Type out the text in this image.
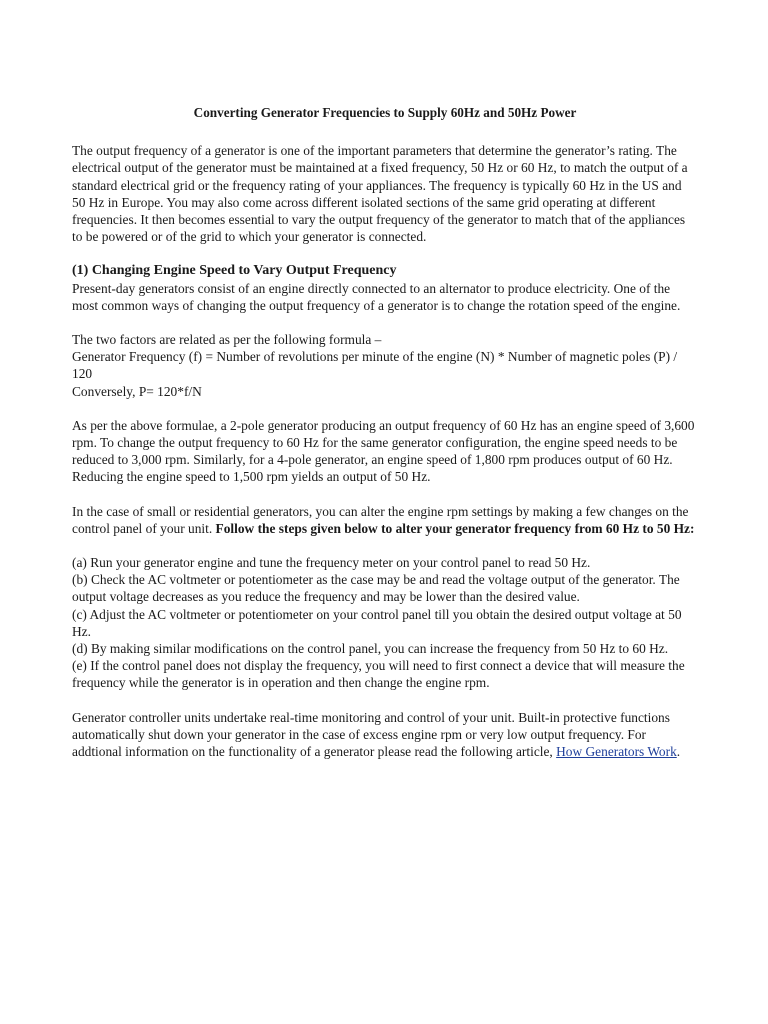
Converting Generator Frequencies to Supply 60Hz and 50Hz Power

The output frequency of a generator is one of the important parameters that determine the generator’s rating. The electrical output of the generator must be maintained at a fixed frequency, 50 Hz or 60 Hz, to match the output of a standard electrical grid or the frequency rating of your appliances. The frequency is typically 60 Hz in the US and 50 Hz in Europe. You may also come across different isolated sections of the same grid operating at different frequencies. It then becomes essential to vary the output frequency of the generator to match that of the appliances to be powered or of the grid to which your generator is connected.

(1) Changing Engine Speed to Vary Output Frequency

Present-day generators consist of an engine directly connected to an alternator to produce electricity. One of the most common ways of changing the output frequency of a generator is to change the rotation speed of the engine.

The two factors are related as per the following formula –

Generator Frequency (f) = Number of revolutions per minute of the engine (N) * Number of magnetic poles (P) / 120

Conversely, P= 120*f/N

As per the above formulae, a 2-pole generator producing an output frequency of 60 Hz has an engine speed of 3,600 rpm. To change the output frequency to 60 Hz for the same generator configuration, the engine speed needs to be reduced to 3,000 rpm. Similarly, for a 4-pole generator, an engine speed of 1,800 rpm produces output of 60 Hz. Reducing the engine speed to 1,500 rpm yields an output of 50 Hz.

In the case of small or residential generators, you can alter the engine rpm settings by making a few changes on the control panel of your unit. Follow the steps given below to alter your generator frequency from 60 Hz to 50 Hz:

(a) Run your generator engine and tune the frequency meter on your control panel to read 50 Hz.

(b) Check the AC voltmeter or potentiometer as the case may be and read the voltage output of the generator. The output voltage decreases as you reduce the frequency and may be lower than the desired value.

(c) Adjust the AC voltmeter or potentiometer on your control panel till you obtain the desired output voltage at 50 Hz.

(d) By making similar modifications on the control panel, you can increase the frequency from 50 Hz to 60 Hz.

(e) If the control panel does not display the frequency, you will need to first connect a device that will measure the frequency while the generator is in operation and then change the engine rpm.

Generator controller units undertake real-time monitoring and control of your unit. Built-in protective functions automatically shut down your generator in the case of excess engine rpm or very low output frequency. For addtional information on the functionality of a generator please read the following article, How Generators Work.
